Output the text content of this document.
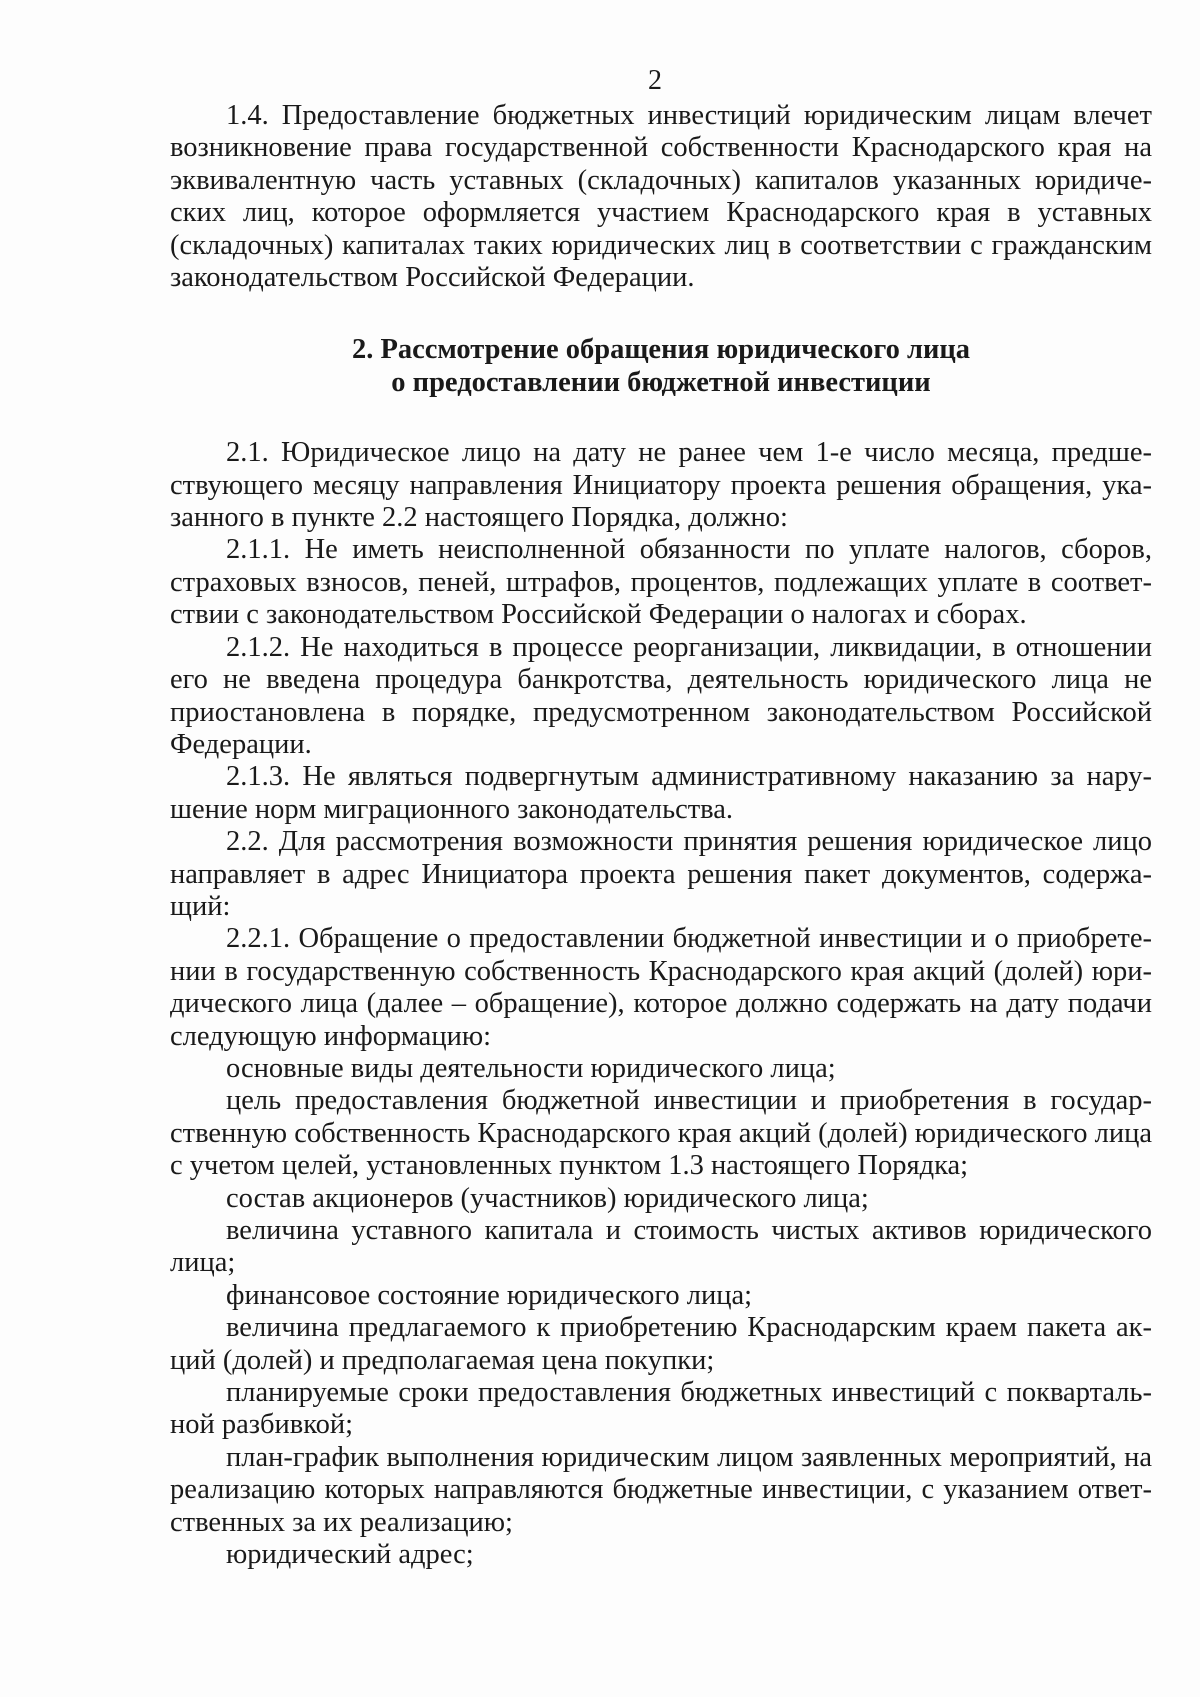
2

1.4. Предоставление бюджетных инвестиций юридическим лицам влечет возникновение права государственной собственности Краснодарского края на эквивалентную часть уставных (складочных) капиталов указанных юридических лиц, которое оформляется участием Краснодарского края в уставных (складочных) капиталах таких юридических лиц в соответствии с гражданским законодательством Российской Федерации.

2. Рассмотрение обращения юридического лица
о предоставлении бюджетной инвестиции

2.1. Юридическое лицо на дату не ранее чем 1-е число месяца, предшествующего месяцу направления Инициатору проекта решения обращения, указанного в пункте 2.2 настоящего Порядка, должно:

2.1.1. Не иметь неисполненной обязанности по уплате налогов, сборов, страховых взносов, пеней, штрафов, процентов, подлежащих уплате в соответствии с законодательством Российской Федерации о налогах и сборах.

2.1.2. Не находиться в процессе реорганизации, ликвидации, в отношении его не введена процедура банкротства, деятельность юридического лица не приостановлена в порядке, предусмотренном законодательством Российской Федерации.

2.1.3. Не являться подвергнутым административному наказанию за нарушение норм миграционного законодательства.

2.2. Для рассмотрения возможности принятия решения юридическое лицо направляет в адрес Инициатора проекта решения пакет документов, содержащий:

2.2.1. Обращение о предоставлении бюджетной инвестиции и о приобретении в государственную собственность Краснодарского края акций (долей) юридического лица (далее – обращение), которое должно содержать на дату подачи следующую информацию:

основные виды деятельности юридического лица;

цель предоставления бюджетной инвестиции и приобретения в государственную собственность Краснодарского края акций (долей) юридического лица с учетом целей, установленных пунктом 1.3 настоящего Порядка;

состав акционеров (участников) юридического лица;

величина уставного капитала и стоимость чистых активов юридического лица;

финансовое состояние юридического лица;

величина предлагаемого к приобретению Краснодарским краем пакета акций (долей) и предполагаемая цена покупки;

планируемые сроки предоставления бюджетных инвестиций с поквартальной разбивкой;

план-график выполнения юридическим лицом заявленных мероприятий, на реализацию которых направляются бюджетные инвестиции, с указанием ответственных за их реализацию;

юридический адрес;
